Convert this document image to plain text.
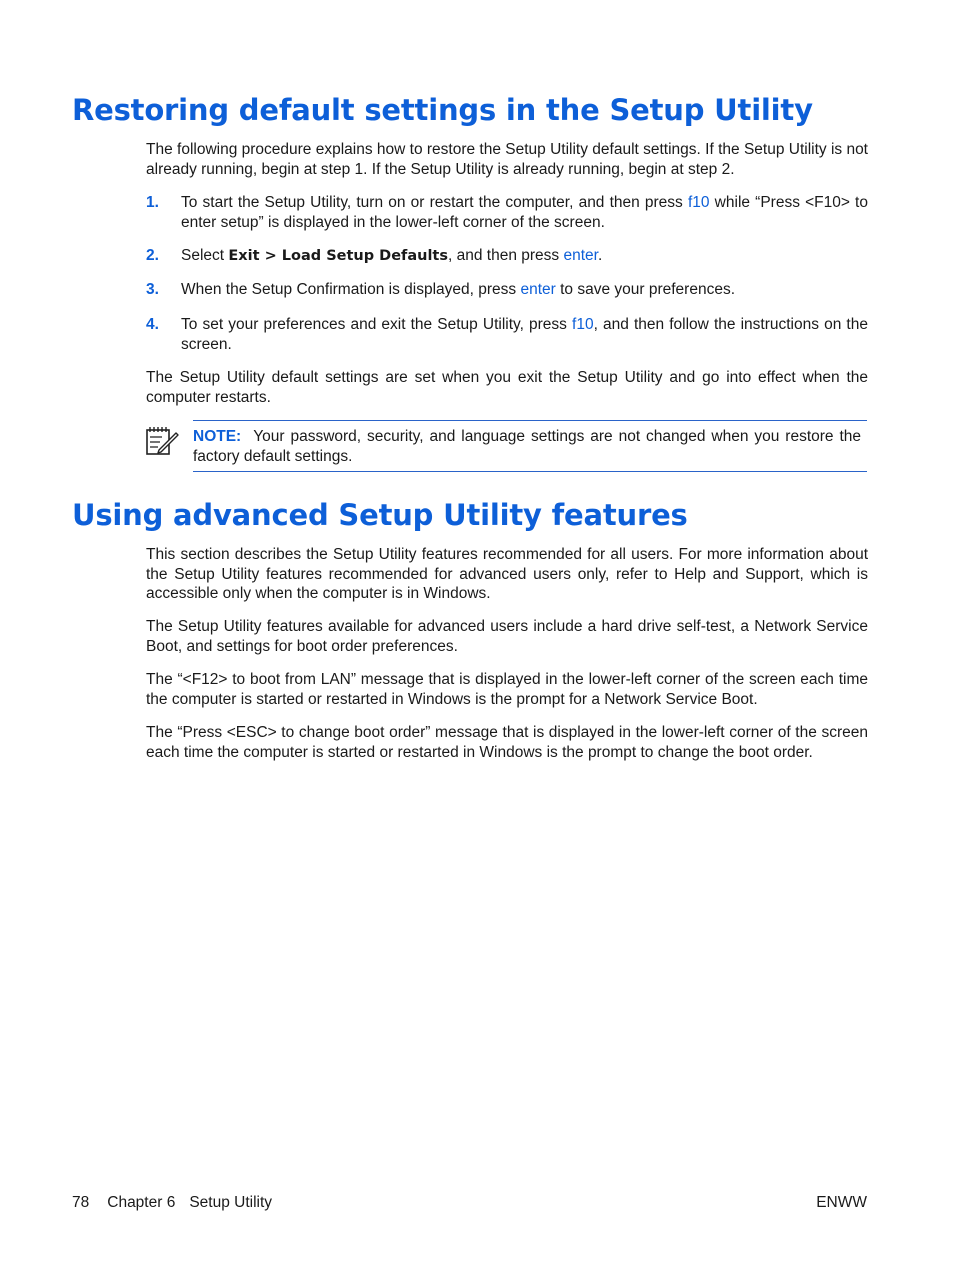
Restoring default settings in the Setup Utility

The following procedure explains how to restore the Setup Utility default settings. If the Setup Utility is not already running, begin at step 1. If the Setup Utility is already running, begin at step 2.

1. To start the Setup Utility, turn on or restart the computer, and then press f10 while “Press <F10> to enter setup” is displayed in the lower-left corner of the screen.
2. Select Exit > Load Setup Defaults, and then press enter.
3. When the Setup Confirmation is displayed, press enter to save your preferences.
4. To set your preferences and exit the Setup Utility, press f10, and then follow the instructions on the screen.

The Setup Utility default settings are set when you exit the Setup Utility and go into effect when the computer restarts.

NOTE: Your password, security, and language settings are not changed when you restore the factory default settings.
Using advanced Setup Utility features

This section describes the Setup Utility features recommended for all users. For more information about the Setup Utility features recommended for advanced users only, refer to Help and Support, which is accessible only when the computer is in Windows.

The Setup Utility features available for advanced users include a hard drive self-test, a Network Service Boot, and settings for boot order preferences.

The “<F12> to boot from LAN” message that is displayed in the lower-left corner of the screen each time the computer is started or restarted in Windows is the prompt for a Network Service Boot.

The “Press <ESC> to change boot order” message that is displayed in the lower-left corner of the screen each time the computer is started or restarted in Windows is the prompt to change the boot order.

78 Chapter 6 Setup Utility	ENWW
